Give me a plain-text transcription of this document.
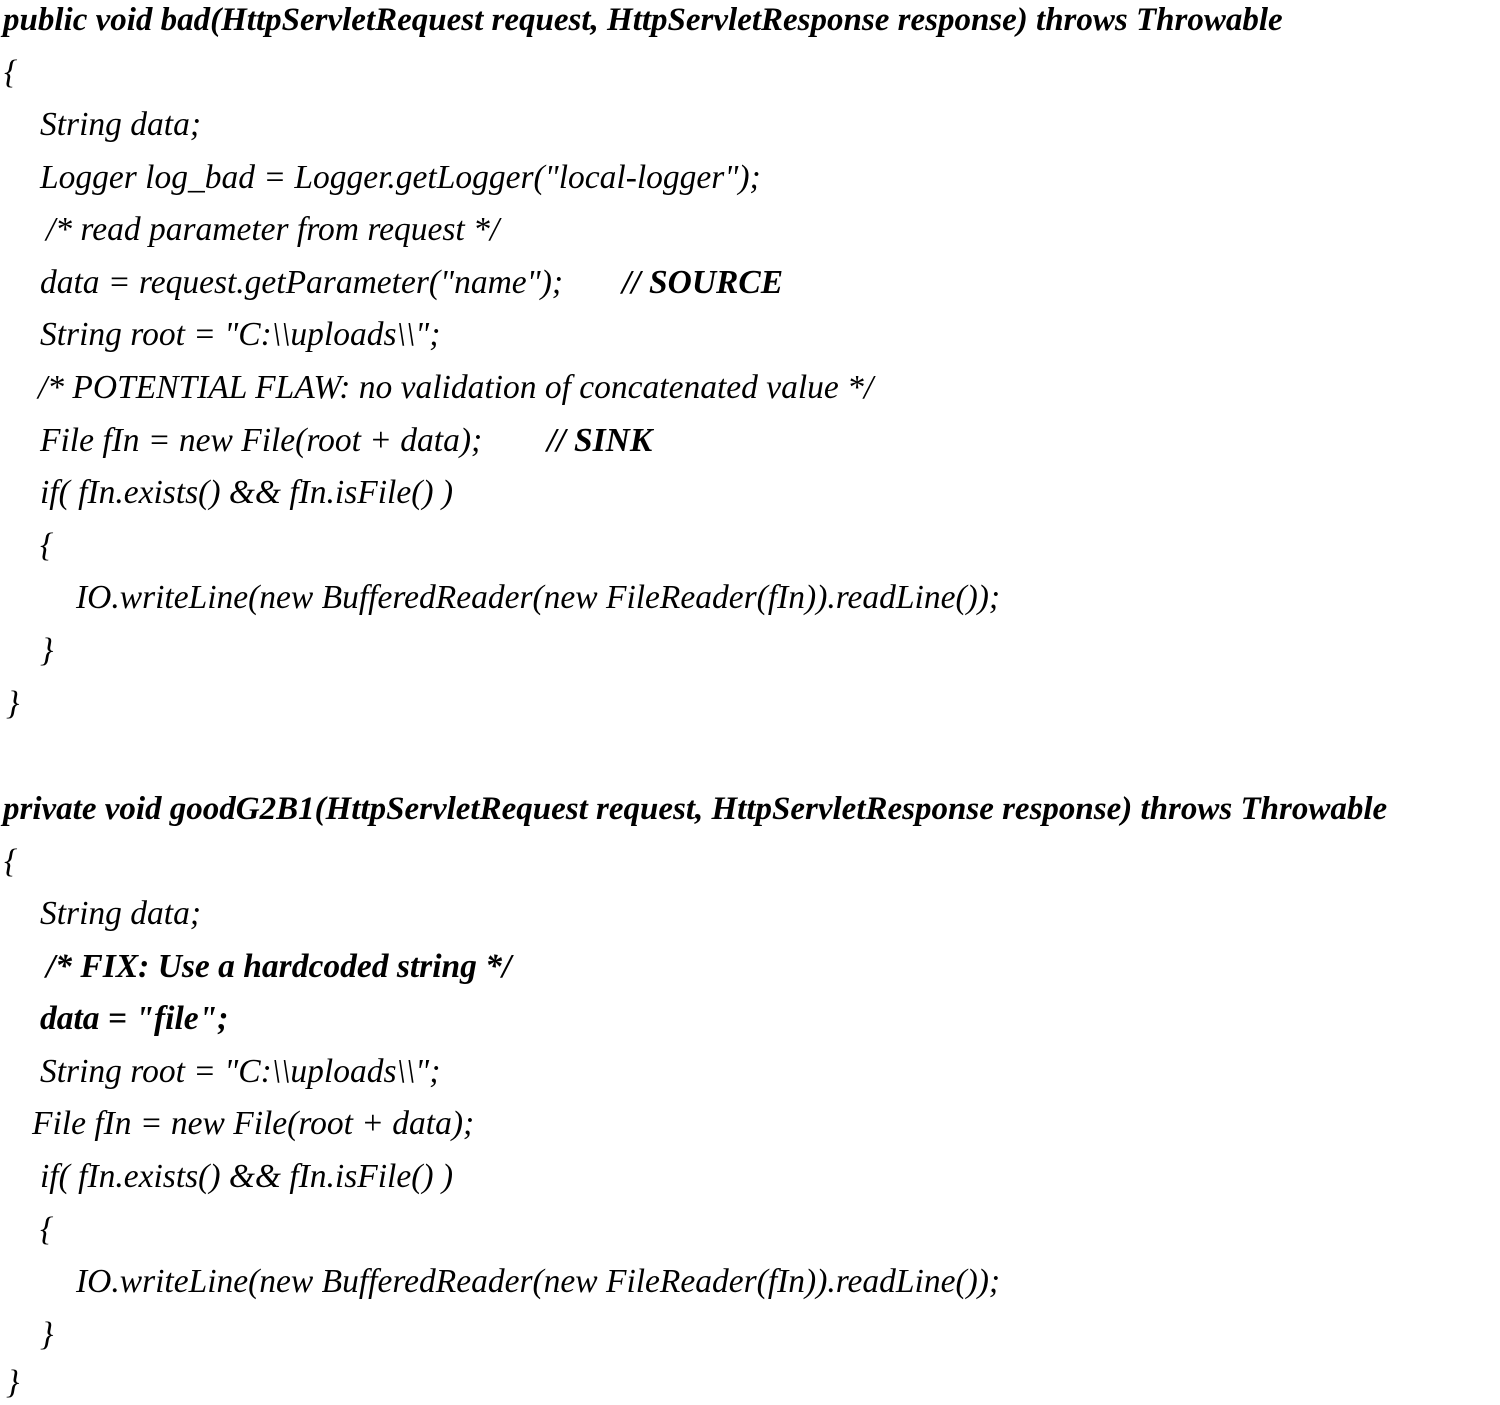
public void bad(HttpServletRequest request, HttpServletResponse response) throws Throwable
{
String data;
Logger log_bad = Logger.getLogger("local-logger");
/* read parameter from request */
data = request.getParameter("name"); // SOURCE
String root = "C:\\uploads\\";
/* POTENTIAL FLAW: no validation of concatenated value */
File fIn = new File(root + data); // SINK
if( fIn.exists() && fIn.isFile() )
{
IO.writeLine(new BufferedReader(new FileReader(fIn)).readLine());
}
}
private void goodG2B1(HttpServletRequest request, HttpServletResponse response) throws Throwable
{
String data;
/* FIX: Use a hardcoded string */
data = "file";
String root = "C:\\uploads\\";
File fIn = new File(root + data);
if( fIn.exists() && fIn.isFile() )
{
IO.writeLine(new BufferedReader(new FileReader(fIn)).readLine());
}
}
